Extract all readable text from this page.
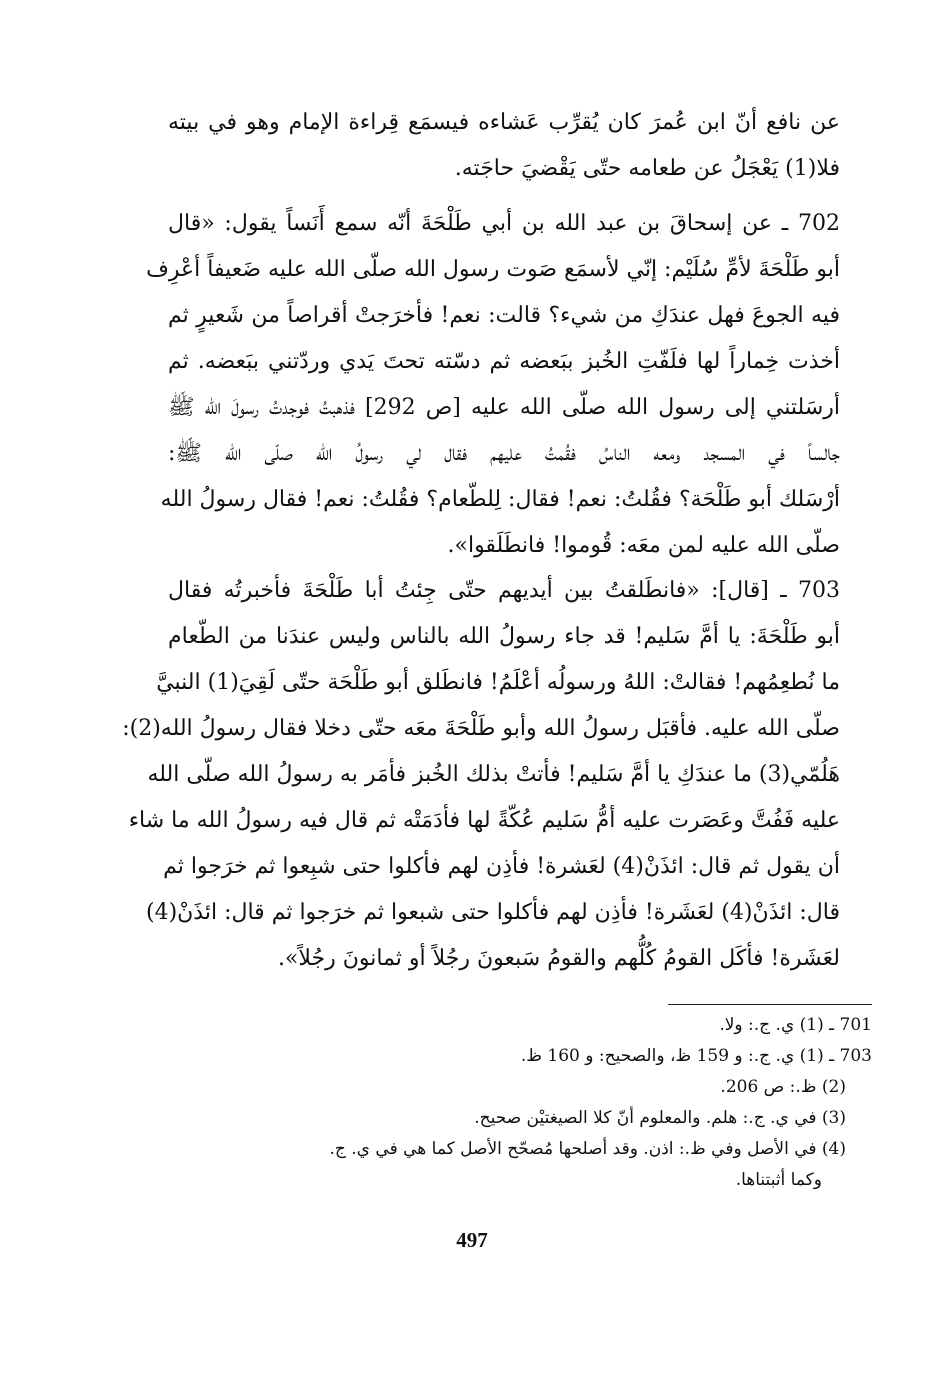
عن نافع أنّ ابن عُمرَ كان يُقرِّب عَشاءه فيسمَع قِراءة الإمام وهو في بيته
فلا(1) يَعْجَلُ عن طعامه حتّى يَقْضيَ حاجَته.
702 ـ عن إسحاقَ بن عبد الله بن أبي طَلْحَةَ أنّه سمع أَنَساً يقول: «قال
أبو طَلْحَةَ لأمِّ سُلَيْم: إنّي لأسمَع صَوت رسول الله صلّى الله عليه ضَعيفاً أعْرِف
فيه الجوعَ فهل عندَكِ من شيء؟ قالت: نعم! فأخرَجتْ أقراصاً من شَعيرٍ ثم
أخذت خِماراً لها فلَفّتِ الخُبز ببَعضه ثم دسّته تحتَ يَدي وردّتني ببَعضه. ثم
أرسَلتني إلى رسول الله صلّى الله عليه [ص 292] فذهبتُ فوجدتُ رسولَ الله ﷺ
جالساً في المسجد ومعه الناسُ فقُمتُ عليهم فقال لي رسولُ الله صلّى الله ﷺ:
أرْسَلك أبو طَلْحَة؟ فقُلتُ: نعم! فقال: لِلطّعام؟ فقُلتُ: نعم! فقال رسولُ الله
صلّى الله عليه لمن معَه: قُوموا! فانطَلَقوا».
703 ـ [قال]: «فانطَلقتُ بين أيديهم حتّى جِئتُ أبا طَلْحَةَ فأخبرتُه فقال
أبو طَلْحَةَ: يا أمَّ سَليم! قد جاء رسولُ الله بالناس وليس عندَنا من الطّعام
ما نُطعِمُهم! فقالتْ: اللهُ ورسولُه أعْلَمُ! فانطَلق أبو طَلْحَة حتّى لَقِيَ(1) النبيَّ
صلّى الله عليه. فأقبَل رسولُ الله وأبو طَلْحَةَ معَه حتّى دخلا فقال رسولُ الله(2):
هَلُمّي(3) ما عندَكِ يا أمَّ سَليم! فأتتْ بذلك الخُبز فأمَر به رسولُ الله صلّى الله
عليه فَفُتَّ وعَصَرت عليه أمُّ سَليم عُكّةً لها فأدَمَتْه ثم قال فيه رسولُ الله ما شاء
أن يقول ثم قال: ائذَنْ(4) لعَشرة! فأذِن لهم فأكلوا حتى شبِعوا ثم خرَجوا ثم
قال: ائذَنْ(4) لعَشَرة! فأذِن لهم فأكلوا حتى شبعوا ثم خرَجوا ثم قال: ائذَنْ(4)
لعَشَرة! فأكَل القومُ كُلُّهم والقومُ سَبعونَ رجُلاً أو ثمانونَ رجُلاً».
701 ـ (1) ي. ج.: ولا.
703 ـ (1) ي. ج.: و 159 ظ، والصحيح: و 160 ظ.
(2) ظ.: ص 206.
(3) في ي. ج.: هلم. والمعلوم أنّ كلا الصيغتيْن صحيح.
(4) في الأصل وفي ظ.: اذن. وقد أصلحها مُصحّح الأصل كما هي في ي. ج.
وكما أثبتناها.
497
